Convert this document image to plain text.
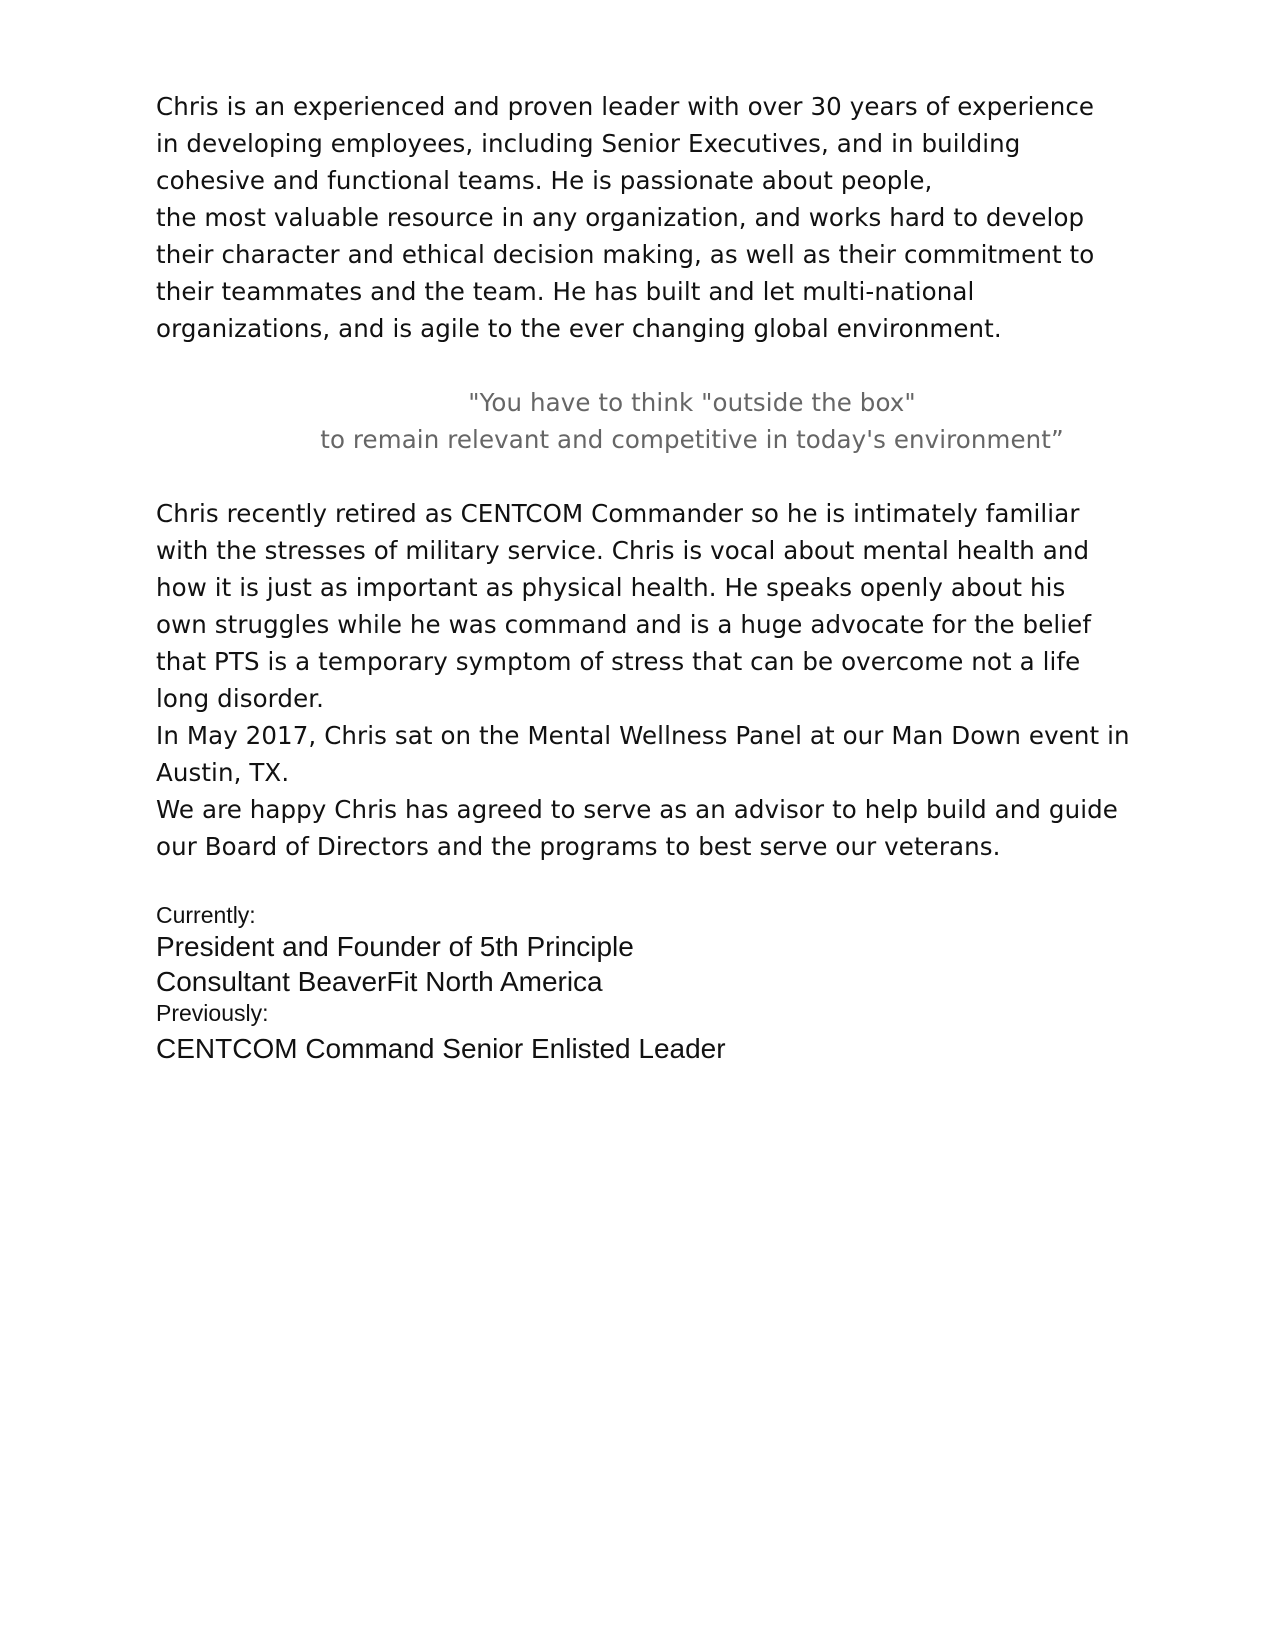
Chris is an experienced and proven leader with over 30 years of experience
in developing employees, including Senior Executives, and in building
cohesive and functional teams. He is passionate about people,
the most valuable resource in any organization, and works hard to develop
their character and ethical decision making, as well as their commitment to
their teammates and the team. He has built and let multi-national
organizations, and is agile to the ever changing global environment.
"You have to think "outside the box"
to remain relevant and competitive in today's environment”
Chris recently retired as CENTCOM Commander so he is intimately familiar
with the stresses of military service. Chris is vocal about mental health and
how it is just as important as physical health. He speaks openly about his
own struggles while he was command and is a huge advocate for the belief
that PTS is a temporary symptom of stress that can be overcome not a life
long disorder.
In May 2017, Chris sat on the Mental Wellness Panel at our Man Down event in
Austin, TX.
We are happy Chris has agreed to serve as an advisor to help build and guide
our Board of Directors and the programs to best serve our veterans.
Currently:
President and Founder of 5th Principle
Consultant BeaverFit North America
Previously:
CENTCOM Command Senior Enlisted Leader
